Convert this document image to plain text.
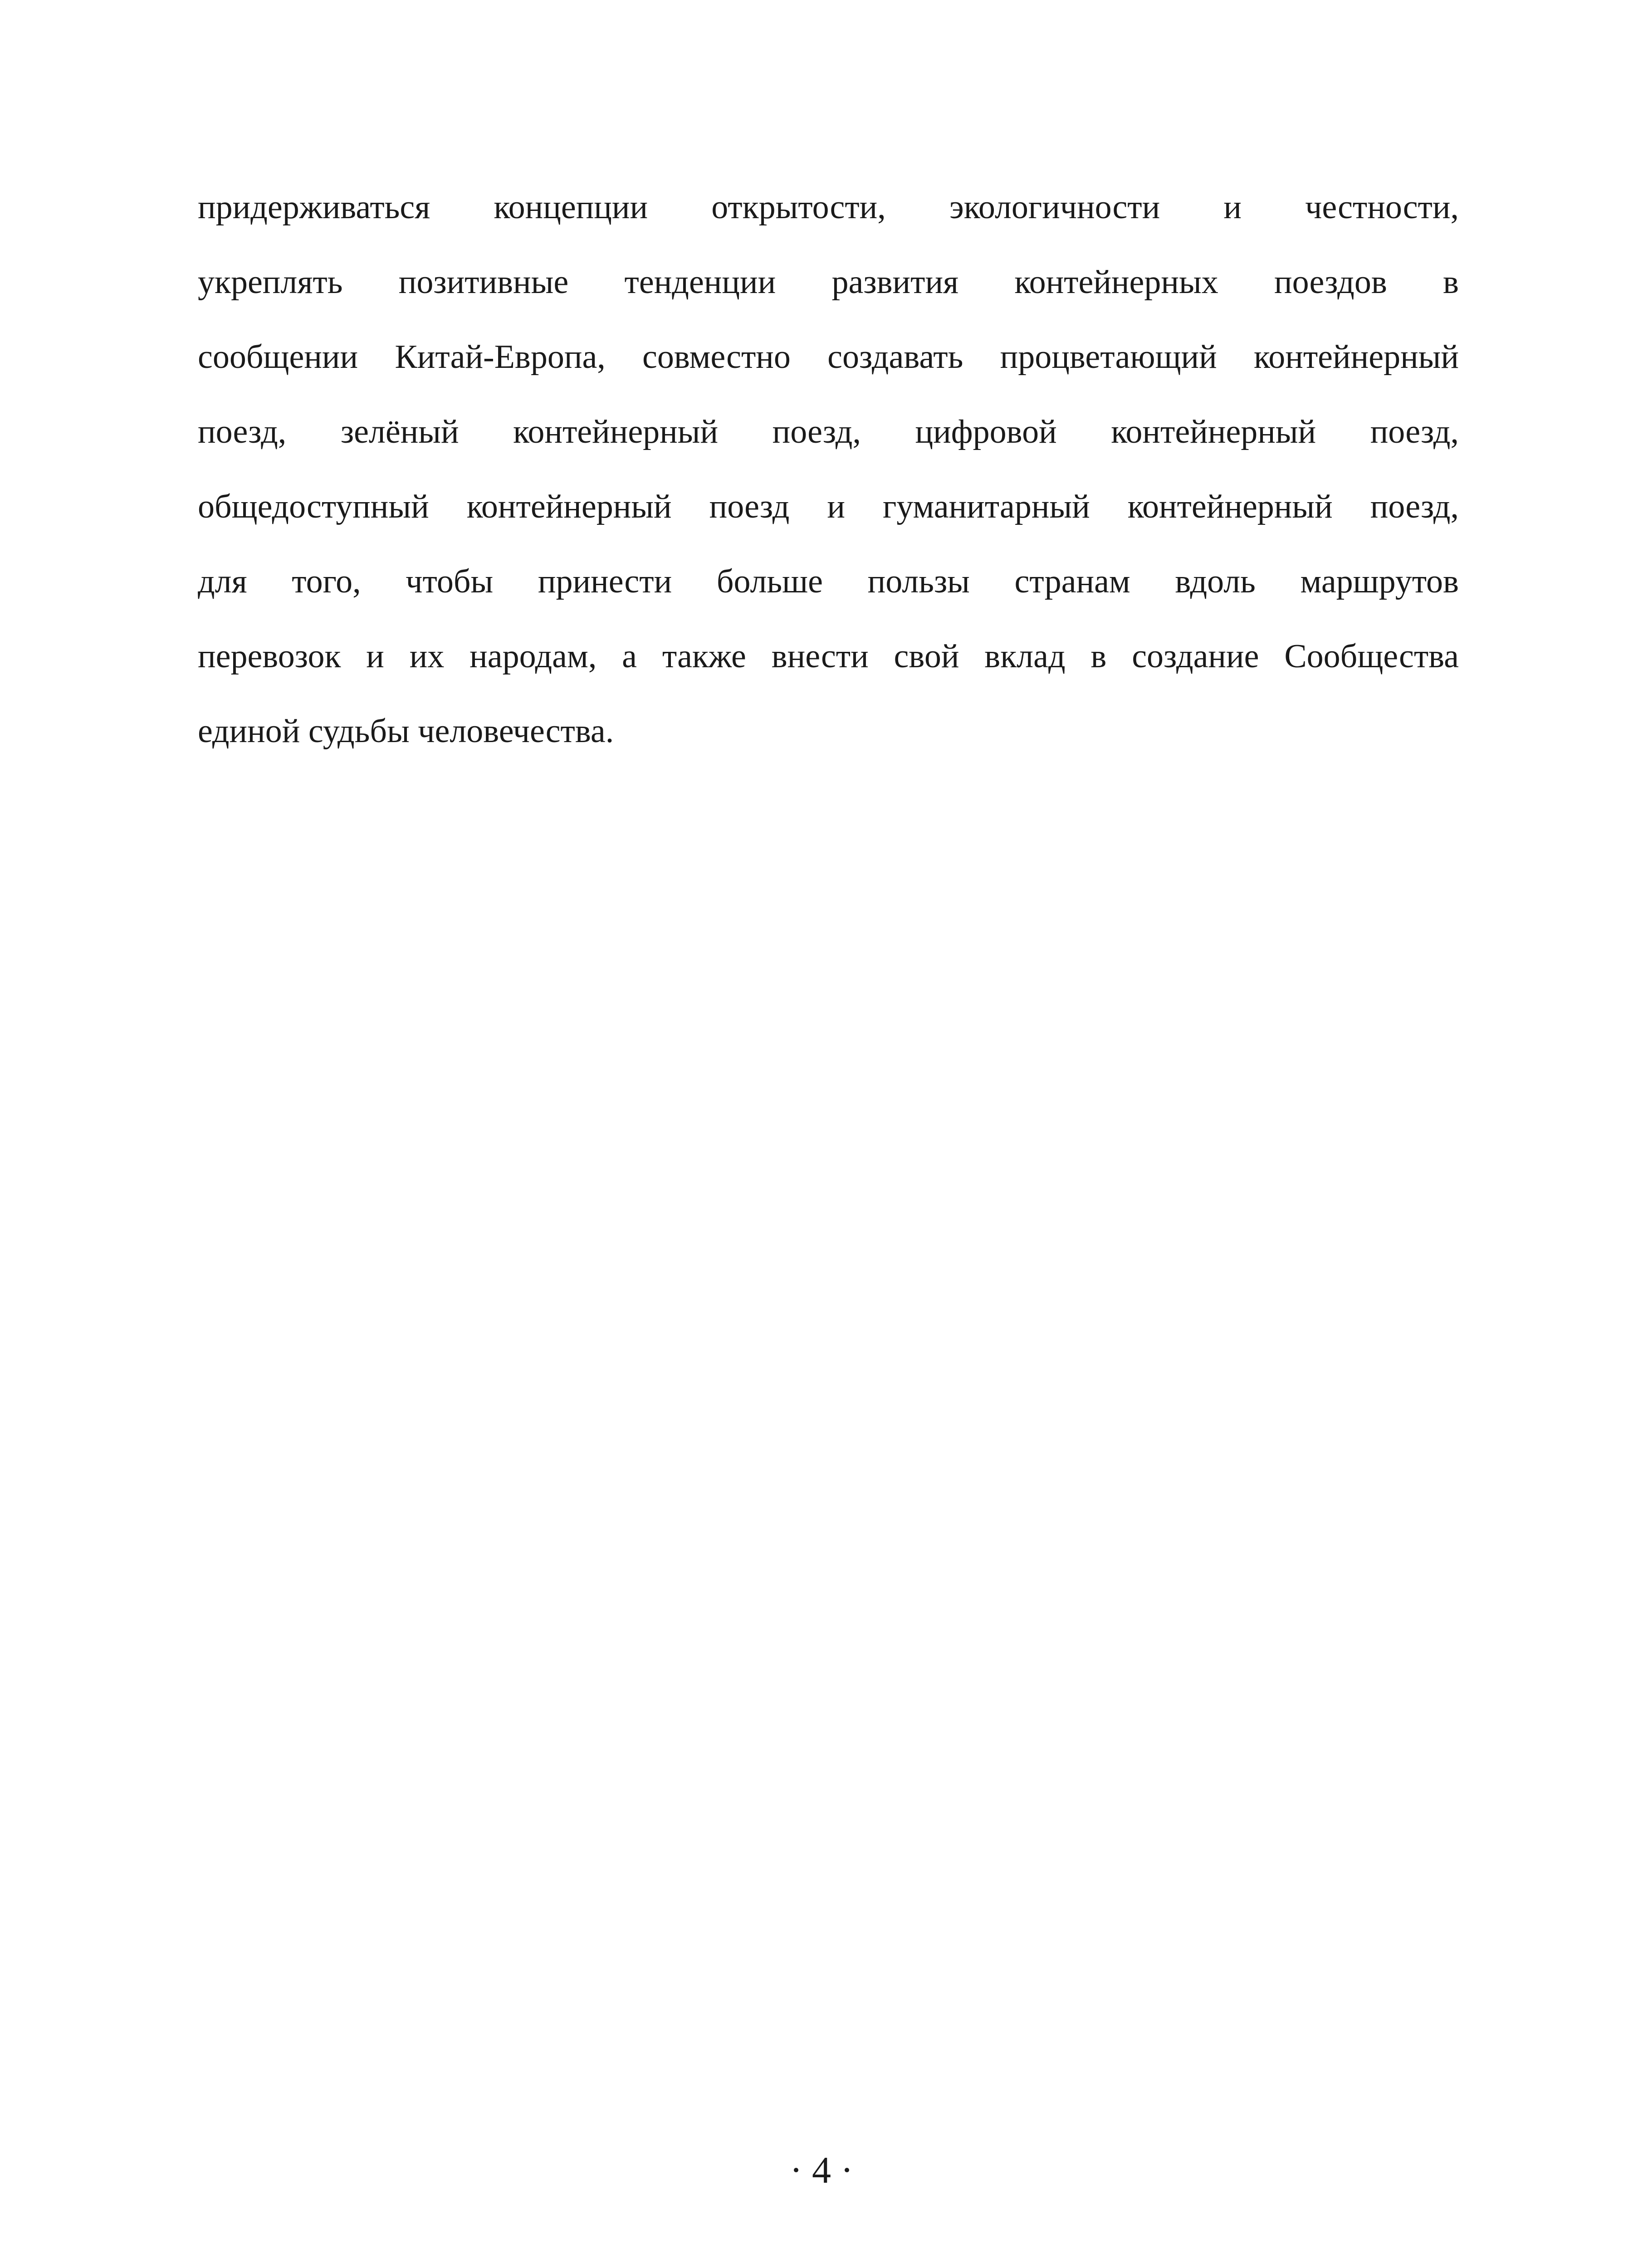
придерживаться концепции открытости, экологичности и честности,
укреплять позитивные тенденции развития контейнерных поездов в
сообщении Китай-Европа, совместно создавать процветающий контейнерный
поезд, зелёный контейнерный поезд, цифровой контейнерный поезд,
общедоступный контейнерный поезд и гуманитарный контейнерный поезд,
для того, чтобы принести больше пользы странам вдоль маршрутов
перевозок и их народам, а также внести свой вклад в создание Сообщества
единой судьбы человечества.
· 4 ·
